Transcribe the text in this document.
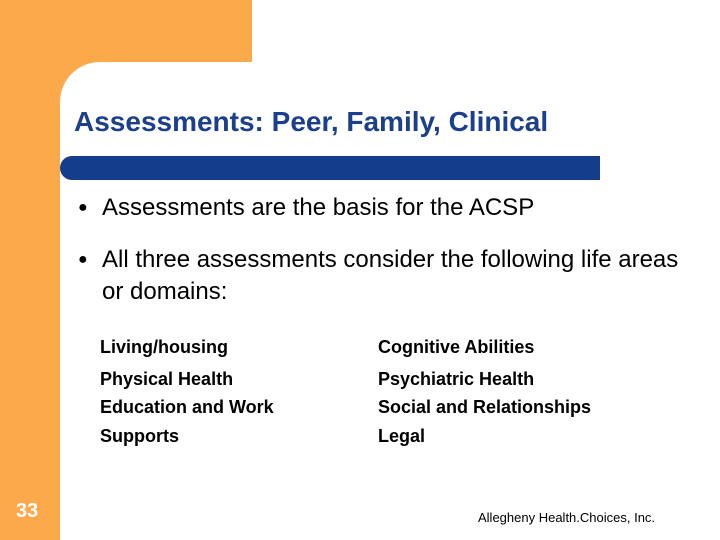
Assessments: Peer, Family, Clinical
● Assessments are the basis for the ACSP
● All three assessments consider the following life areas or domains:
Living/housing
Physical Health
Education and Work
Supports
Cognitive Abilities
Psychiatric Health
Social and Relationships
Legal
33	Allegheny Health.Choices, Inc.
